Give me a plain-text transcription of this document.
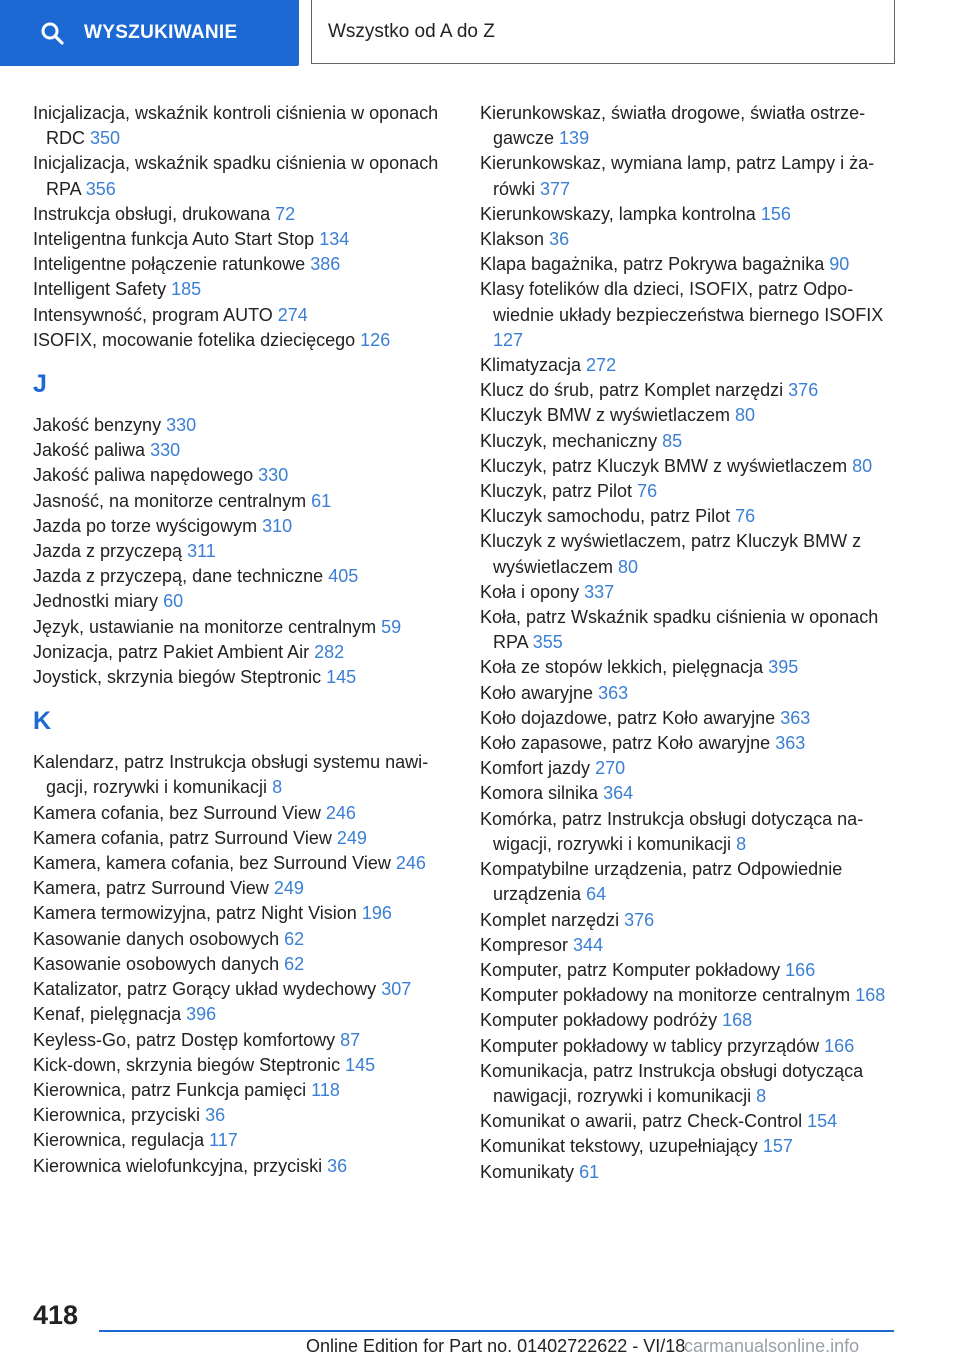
WYSZUKIWANIE	Wszystko od A do Z
Inicjalizacja, wskaźnik kontroli ciśnienia w oponach RDC 350
Inicjalizacja, wskaźnik spadku ciśnienia w oponach RPA 356
Instrukcja obsługi, drukowana 72
Inteligentna funkcja Auto Start Stop 134
Inteligentne połączenie ratunkowe 386
Intelligent Safety 185
Intensywność, program AUTO 274
ISOFIX, mocowanie fotelika dziecięcego 126
J
Jakość benzyny 330
Jakość paliwa 330
Jakość paliwa napędowego 330
Jasność, na monitorze centralnym 61
Jazda po torze wyścigowym 310
Jazda z przyczepą 311
Jazda z przyczepą, dane techniczne 405
Jednostki miary 60
Język, ustawianie na monitorze centralnym 59
Jonizacja, patrz Pakiet Ambient Air 282
Joystick, skrzynia biegów Steptronic 145
K
Kalendarz, patrz Instrukcja obsługi systemu nawigacji, rozrywki i komunikacji 8
Kamera cofania, bez Surround View 246
Kamera cofania, patrz Surround View 249
Kamera, kamera cofania, bez Surround View 246
Kamera, patrz Surround View 249
Kamera termowizyjna, patrz Night Vision 196
Kasowanie danych osobowych 62
Kasowanie osobowych danych 62
Katalizator, patrz Gorący układ wydechowy 307
Kenaf, pielęgnacja 396
Keyless-Go, patrz Dostęp komfortowy 87
Kick-down, skrzynia biegów Steptronic 145
Kierownica, patrz Funkcja pamięci 118
Kierownica, przyciski 36
Kierownica, regulacja 117
Kierownica wielofunkcyjna, przyciski 36
Kierunkowskaz, światła drogowe, światła ostrzegawcze 139
Kierunkowskaz, wymiana lamp, patrz Lampy i żarówki 377
Kierunkowskazy, lampka kontrolna 156
Klakson 36
Klapa bagażnika, patrz Pokrywa bagażnika 90
Klasy fotelików dla dzieci, ISOFIX, patrz Odpowiednie układy bezpieczeństwa biernego ISOFIX 127
Klimatyzacja 272
Klucz do śrub, patrz Komplet narzędzi 376
Kluczyk BMW z wyświetlaczem 80
Kluczyk, mechaniczny 85
Kluczyk, patrz Kluczyk BMW z wyświetlaczem 80
Kluczyk, patrz Pilot 76
Kluczyk samochodu, patrz Pilot 76
Kluczyk z wyświetlaczem, patrz Kluczyk BMW z wyświetlaczem 80
Koła i opony 337
Koła, patrz Wskaźnik spadku ciśnienia w oponach RPA 355
Koła ze stopów lekkich, pielęgnacja 395
Koło awaryjne 363
Koło dojazdowe, patrz Koło awaryjne 363
Koło zapasowe, patrz Koło awaryjne 363
Komfort jazdy 270
Komora silnika 364
Komórka, patrz Instrukcja obsługi dotycząca nawigacji, rozrywki i komunikacji 8
Kompatybilne urządzenia, patrz Odpowiednie urządzenia 64
Komplet narzędzi 376
Kompresor 344
Komputer, patrz Komputer pokładowy 166
Komputer pokładowy na monitorze centralnym 168
Komputer pokładowy podróży 168
Komputer pokładowy w tablicy przyrządów 166
Komunikacja, patrz Instrukcja obsługi dotycząca nawigacji, rozrywki i komunikacji 8
Komunikat o awarii, patrz Check-Control 154
Komunikat tekstowy, uzupełniający 157
Komunikaty 61
418
Online Edition for Part no. 01402722622 - VI/18
carmanualsonline.info
